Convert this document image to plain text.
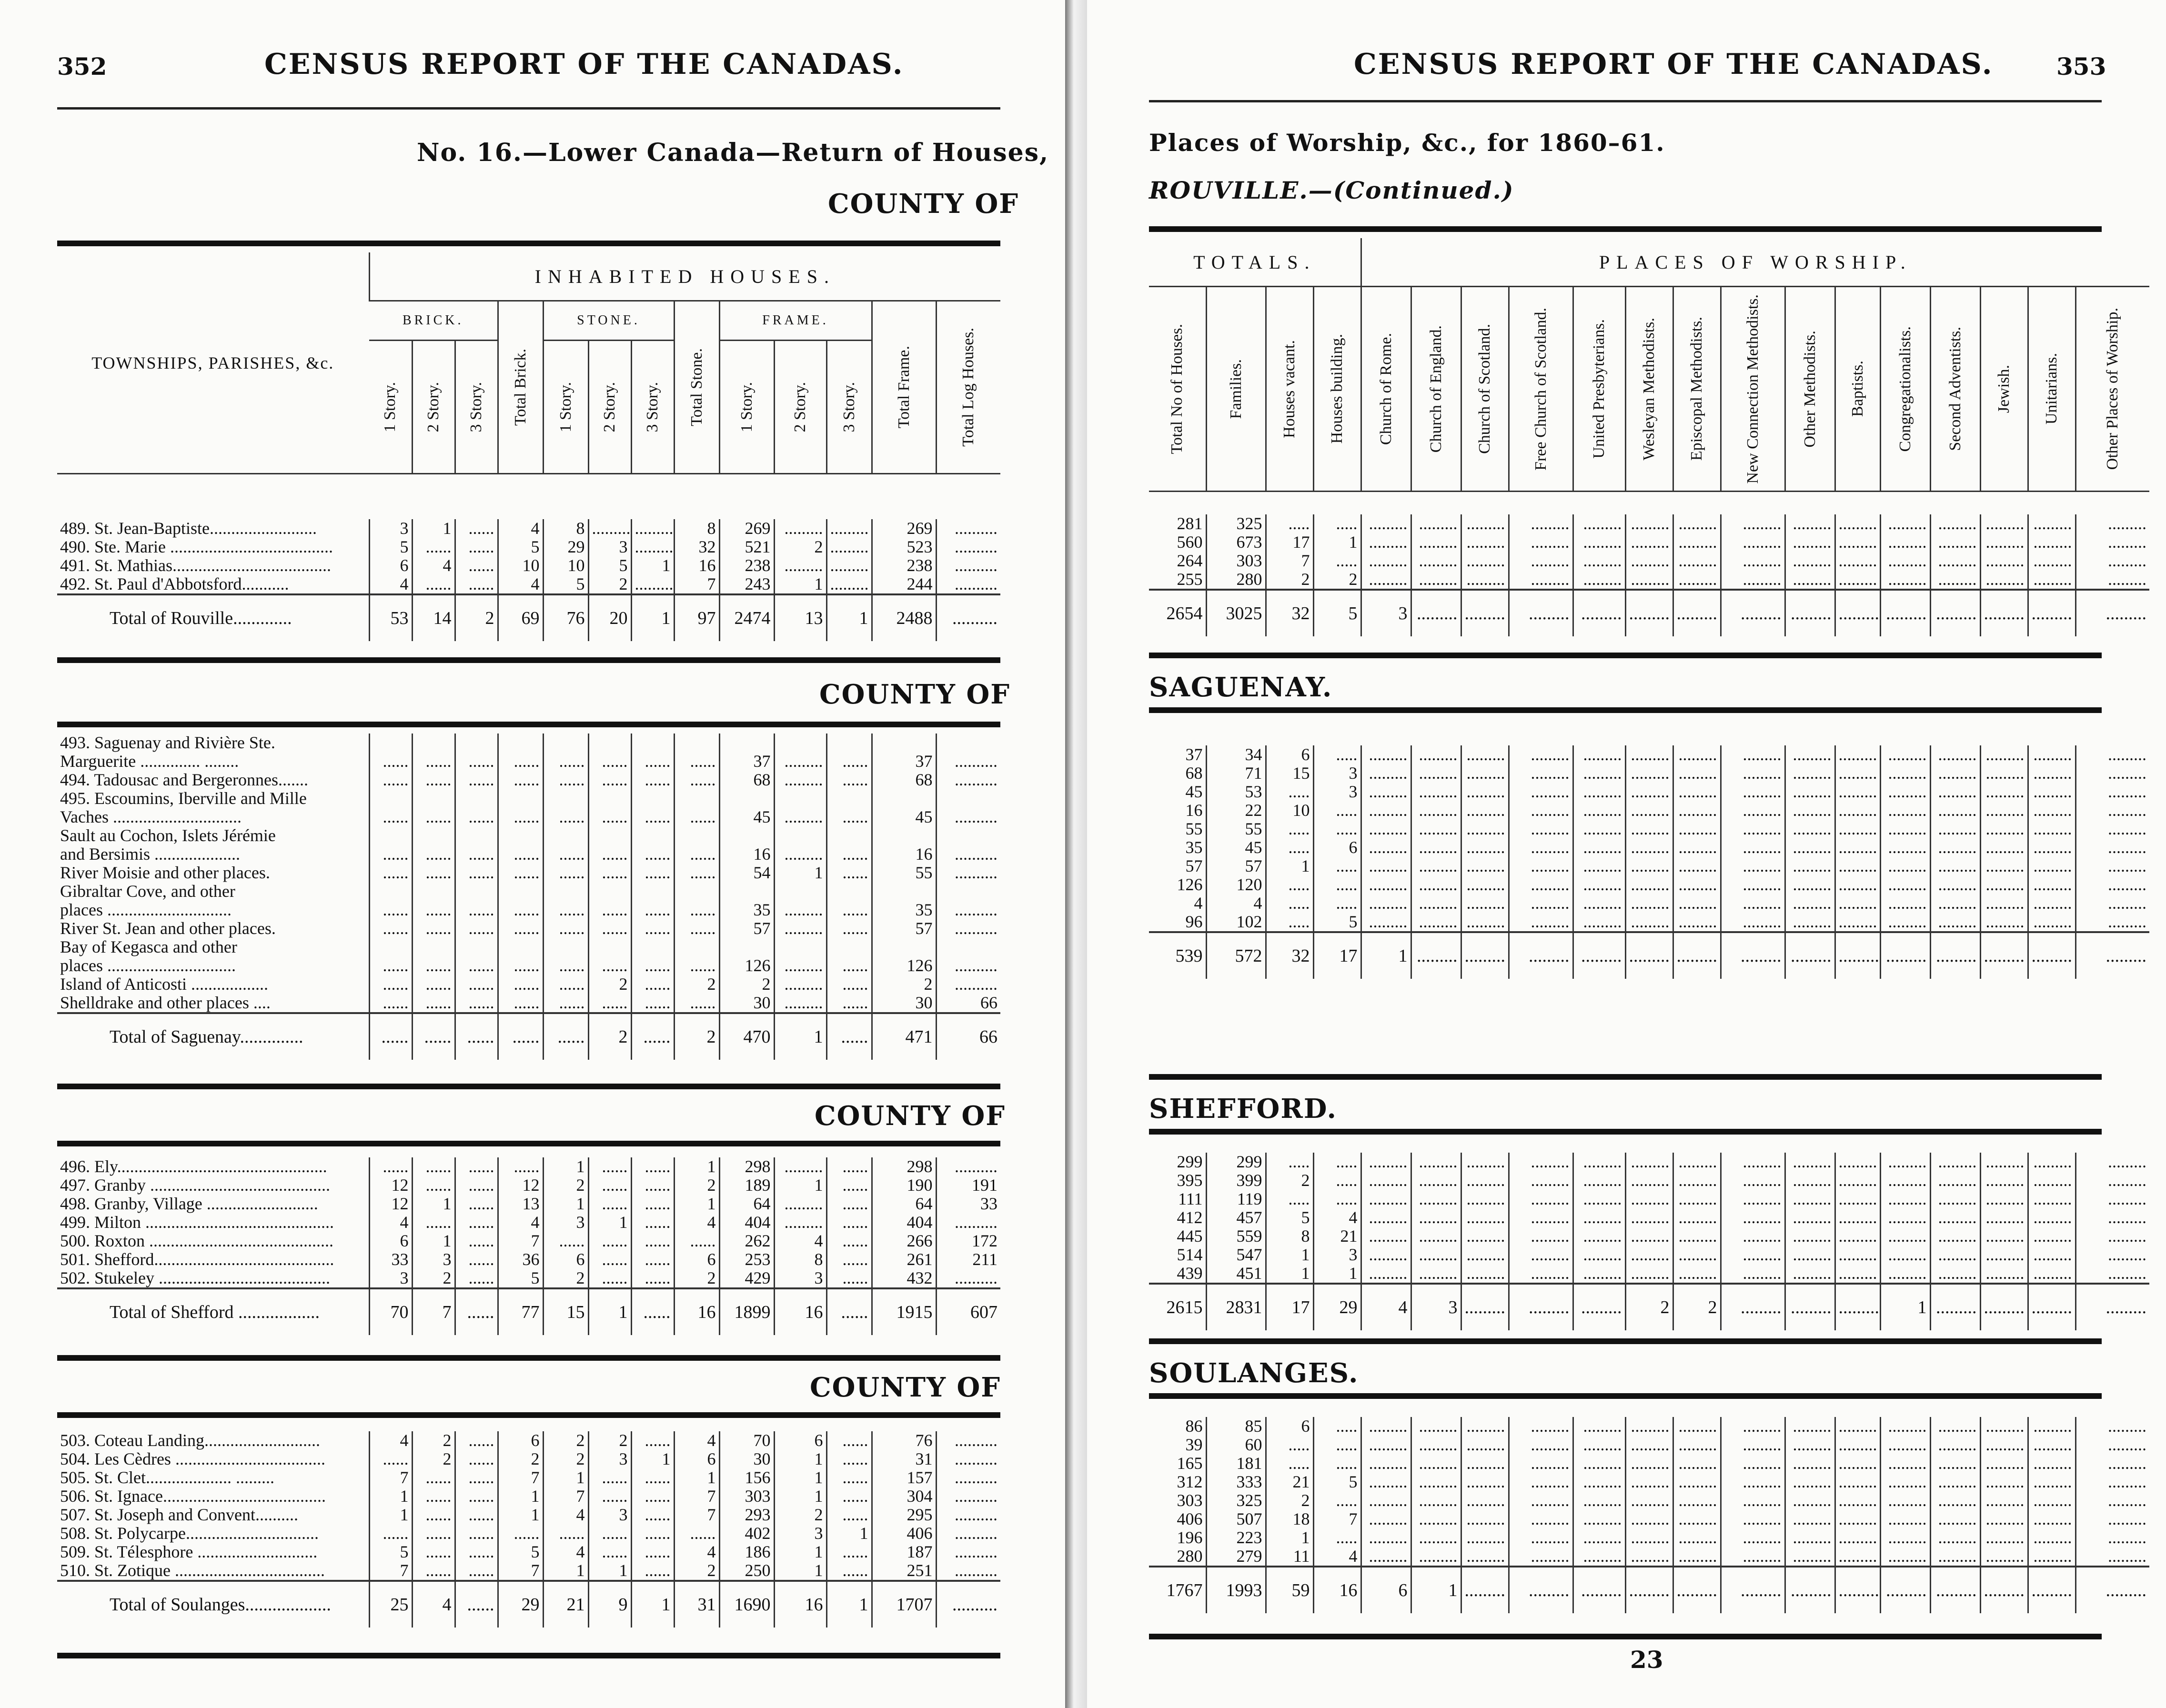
352	CENSUS REPORT OF THE CANADAS.
No. 16.—Lower Canada—Return of Houses,
COUNTY OF
TOWNSHIPS, PARISHES, &c.	INHABITED HOUSES.												
	BRICK.			Total Brick.	STONE.			Total Stone.	FRAME.			Total Frame.	Total Log Houses.

	1 Story.	2 Story.	3 Story.		1 Story.	2 Story.	3 Story.		1 Story.	2 Story.	3 Story.		
489. St. Jean-Baptiste.........................	3	1	......	4	8	.........	.........	8	269	.........	.........	269	..........
490. Ste. Marie ......................................	5	......	......	5	29	3	.........	32	521	2	.........	523	..........
491. St. Mathias.....................................	6	4	......	10	10	5	1	16	238	.........	.........	238	..........
492. St. Paul d'Abbotsford...........	4	......	......	4	5	2	.........	7	243	1	.........	244	..........
Total of Rouville.............	53	14	2	69	76	20	1	97	2474	13	1	2488	..........
COUNTY OF
493. Saguenay and Rivière Ste.													
Marguerite .............. ........	......	......	......	......	......	......	......	......	37	.........	......	37	..........
494. Tadousac and Bergeronnes.......	......	......	......	......	......	......	......	......	68	.........	......	68	..........
495. Escoumins, Iberville and Mille													
Vaches ..............................	......	......	......	......	......	......	......	......	45	.........	......	45	..........
Sault au Cochon, Islets Jérémie													
and Bersimis ....................	......	......	......	......	......	......	......	......	16	.........	......	16	..........
River Moisie and other places.	......	......	......	......	......	......	......	......	54	1	......	55	..........
Gibraltar Cove, and other													
places .............................	......	......	......	......	......	......	......	......	35	.........	......	35	..........
River St. Jean and other places.	......	......	......	......	......	......	......	......	57	.........	......	57	..........
Bay of Kegasca and other													
places ..............................	......	......	......	......	......	......	......	......	126	.........	......	126	..........
Island of Anticosti ..................	......	......	......	......	......	2	......	2	2	.........	......	2	..........
Shelldrake and other places ....	......	......	......	......	......	......	......	......	30	.........	......	30	66
Total of Saguenay..............	......	......	......	......	......	2	......	2	470	1	......	471	66
COUNTY OF
496. Ely.................................................	......	......	......	......	1	......	......	1	298	.........	......	298	..........
497. Granby ..........................................	12	......	......	12	2	......	......	2	189	1	......	190	191
498. Granby, Village ..........................	12	1	......	13	1	......	......	1	64	.........	......	64	33
499. Milton ............................................	4	......	......	4	3	1	......	4	404	.........	......	404	..........
500. Roxton ...........................................	6	1	......	7	......	......	......	......	262	4	......	266	172
501. Shefford..........................................	33	3	......	36	6	......	......	6	253	8	......	261	211
502. Stukeley ........................................	3	2	......	5	2	......	......	2	429	3	......	432	..........
Total of Shefford ..................	70	7	......	77	15	1	......	16	1899	16	......	1915	607
COUNTY OF
503. Coteau Landing...........................	4	2	......	6	2	2	......	4	70	6	......	76	..........
504. Les Cèdres ...................................	......	2	......	2	2	3	1	6	30	1	......	31	..........
505. St. Clet.................... .........	7	......	......	7	1	......	......	1	156	1	......	157	..........
506. St. Ignace......................................	1	......	......	1	7	......	......	7	303	1	......	304	..........
507. St. Joseph and Convent..........	1	......	......	1	4	3	......	7	293	2	......	295	..........
508. St. Polycarpe...............................	......	......	......	......	......	......	......	......	402	3	1	406	..........
509. St. Télesphore ............................	5	......	......	5	4	......	......	4	186	1	......	187	..........
510. St. Zotique ...................................	7	......	......	7	1	1	......	2	250	1	......	251	..........
Total of Soulanges...................	25	4	......	29	21	9	1	31	1690	16	1	1707	..........
CENSUS REPORT OF THE CANADAS.	353
Places of Worship, &c., for 1860–61.
ROUVILLE.—(Continued.)
TOTALS.				PLACES OF WORSHIP.														

Total No of Houses.	Families.	Houses vacant.	Houses building.	Church of Rome.	Church of England.	Church of Scotland.	Free Church of Scotland.	United Presbyterians.	Wesleyan Methodists.	Episcopal Methodists.	New Connection Methodists.	Other Methodists.	Baptists.	Congregationalists.	Second Adventists.	Jewish.	Unitarians.	Other Places of Worship.
281	325	.....	.....	.........	.........	.........	.........	.........	.........	.........	.........	.........	.........	.........	.........	.........	.........	.........
560	673	17	1	.........	.........	.........	.........	.........	.........	.........	.........	.........	.........	.........	.........	.........	.........	.........
264	303	7	.....	.........	.........	.........	.........	.........	.........	.........	.........	.........	.........	.........	.........	.........	.........	.........
255	280	2	2	.........	.........	.........	.........	.........	.........	.........	.........	.........	.........	.........	.........	.........	.........	.........
2654	3025	32	5	3	.........	.........	.........	.........	.........	.........	.........	.........	.........	.........	.........	.........	.........	.........
SAGUENAY.
37	34	6	.....	.........	.........	.........	.........	.........	.........	.........	.........	.........	.........	.........	.........	.........	.........	.........
68	71	15	3	.........	.........	.........	.........	.........	.........	.........	.........	.........	.........	.........	.........	.........	.........	.........
45	53	.....	3	.........	.........	.........	.........	.........	.........	.........	.........	.........	.........	.........	.........	.........	.........	.........
16	22	10	.....	.........	.........	.........	.........	.........	.........	.........	.........	.........	.........	.........	.........	.........	.........	.........
55	55	.....	.....	.........	.........	.........	.........	.........	.........	.........	.........	.........	.........	.........	.........	.........	.........	.........
35	45	.....	6	.........	.........	.........	.........	.........	.........	.........	.........	.........	.........	.........	.........	.........	.........	.........
57	57	1	.....	.........	.........	.........	.........	.........	.........	.........	.........	.........	.........	.........	.........	.........	.........	.........
126	120	.....	.....	.........	.........	.........	.........	.........	.........	.........	.........	.........	.........	.........	.........	.........	.........	.........
4	4	.....	.....	.........	.........	.........	.........	.........	.........	.........	.........	.........	.........	.........	.........	.........	.........	.........
96	102	.....	5	.........	.........	.........	.........	.........	.........	.........	.........	.........	.........	.........	.........	.........	.........	.........
539	572	32	17	1	.........	.........	.........	.........	.........	.........	.........	.........	.........	.........	.........	.........	.........	.........
SHEFFORD.
299	299	.....	.....	.........	.........	.........	.........	.........	.........	.........	.........	.........	.........	.........	.........	.........	.........	.........
395	399	2	.....	.........	.........	.........	.........	.........	.........	.........	.........	.........	.........	.........	.........	.........	.........	.........
111	119	.....	.....	.........	.........	.........	.........	.........	.........	.........	.........	.........	.........	.........	.........	.........	.........	.........
412	457	5	4	.........	.........	.........	.........	.........	.........	.........	.........	.........	.........	.........	.........	.........	.........	.........
445	559	8	21	.........	.........	.........	.........	.........	.........	.........	.........	.........	.........	.........	.........	.........	.........	.........
514	547	1	3	.........	.........	.........	.........	.........	.........	.........	.........	.........	.........	.........	.........	.........	.........	.........
439	451	1	1	.........	.........	.........	.........	.........	.........	.........	.........	.........	.........	.........	.........	.........	.........	.........
2615	2831	17	29	4	3	.........	.........	.........	2	2	.........	.........	.........	1	.........	.........	.........	.........
SOULANGES.
86	85	6	.....	.........	.........	.........	.........	.........	.........	.........	.........	.........	.........	.........	.........	.........	.........	.........
39	60	.....	.....	.........	.........	.........	.........	.........	.........	.........	.........	.........	.........	.........	.........	.........	.........	.........
165	181	.....	.....	.........	.........	.........	.........	.........	.........	.........	.........	.........	.........	.........	.........	.........	.........	.........
312	333	21	5	.........	.........	.........	.........	.........	.........	.........	.........	.........	.........	.........	.........	.........	.........	.........
303	325	2	.....	.........	.........	.........	.........	.........	.........	.........	.........	.........	.........	.........	.........	.........	.........	.........
406	507	18	7	.........	.........	.........	.........	.........	.........	.........	.........	.........	.........	.........	.........	.........	.........	.........
196	223	1	.....	.........	.........	.........	.........	.........	.........	.........	.........	.........	.........	.........	.........	.........	.........	.........
280	279	11	4	.........	.........	.........	.........	.........	.........	.........	.........	.........	.........	.........	.........	.........	.........	.........
1767	1993	59	16	6	1	.........	.........	.........	.........	.........	.........	.........	.........	.........	.........	.........	.........	.........
23
